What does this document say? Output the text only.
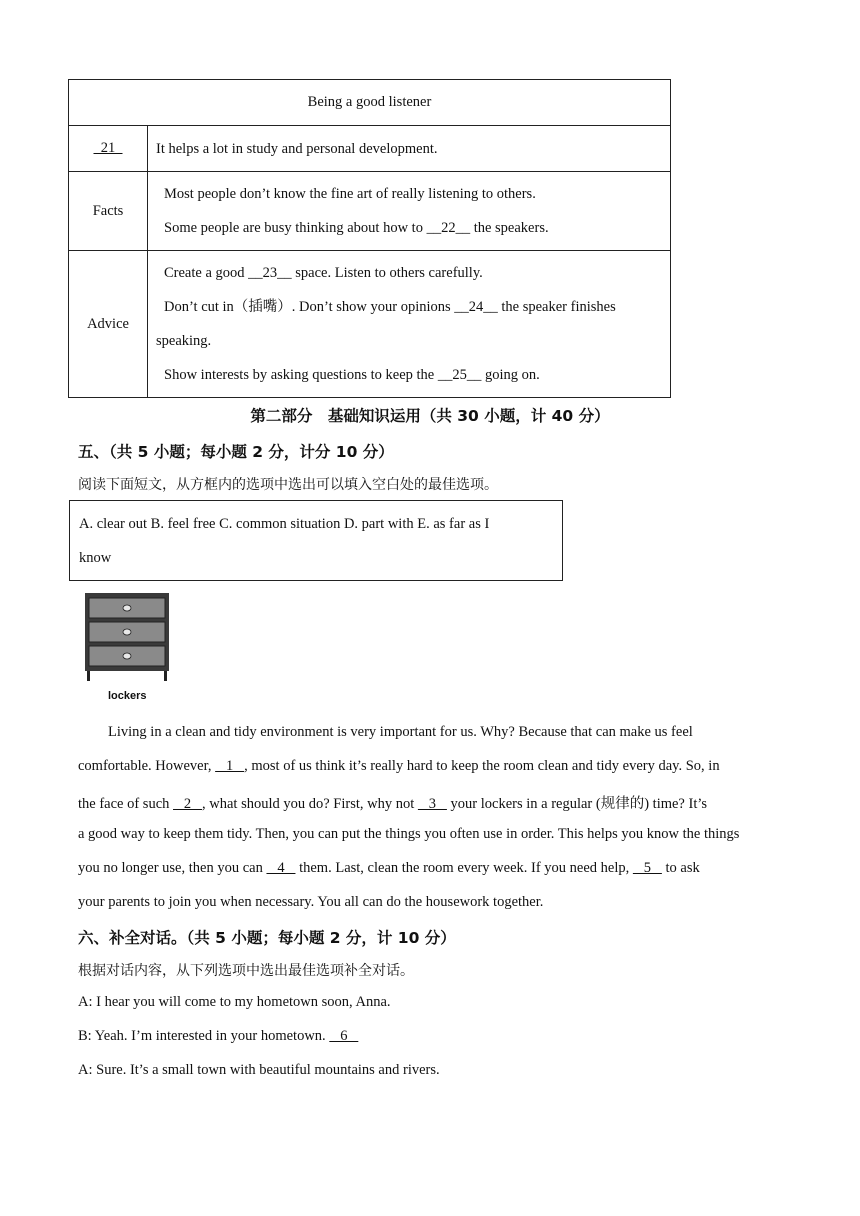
Being a good listener	
21	It helps a lot in study and personal development.

Facts	Most people don’t know the fine art of really listening to others.
Some people are busy thinking about how to __22__ the speakers.

Advice	Create a good __23__ space. Listen to others carefully.
Don’t cut in（插嘴）. Don’t show your opinions __24__ the speaker finishes
speaking.
Show interests by asking questions to keep the __25__ going on.
第二部分　基础知识运用（共 30 小题，计 40 分）
五、（共 5 小题；每小题 2 分，计分 10 分）
阅读下面短文，从方框内的选项中选出可以填入空白处的最佳选项。
A. clear out B. feel free C. common situation D. part with E. as far as I
know
lockers
Living in a clean and tidy environment is very important for us. Why? Because that can make us feel
comfortable. However,    1   , most of us think it’s really hard to keep the room clean and tidy every day. So, in
the face of such    2   , what should you do? First, why not    3    your lockers in a regular (规律的) time? It’s
a good way to keep them tidy. Then, you can put the things you often use in order. This helps you know the things
you no longer use, then you can    4    them. Last, clean the room every week. If you need help,    5    to ask
your parents to join you when necessary. You all can do the housework together.
六、补全对话。（共 5 小题；每小题 2 分，计 10 分）
根据对话内容，从下列选项中选出最佳选项补全对话。
A: I hear you will come to my hometown soon, Anna.
B: Yeah. I’m interested in your hometown.    6
A: Sure. It’s a small town with beautiful mountains and rivers.
